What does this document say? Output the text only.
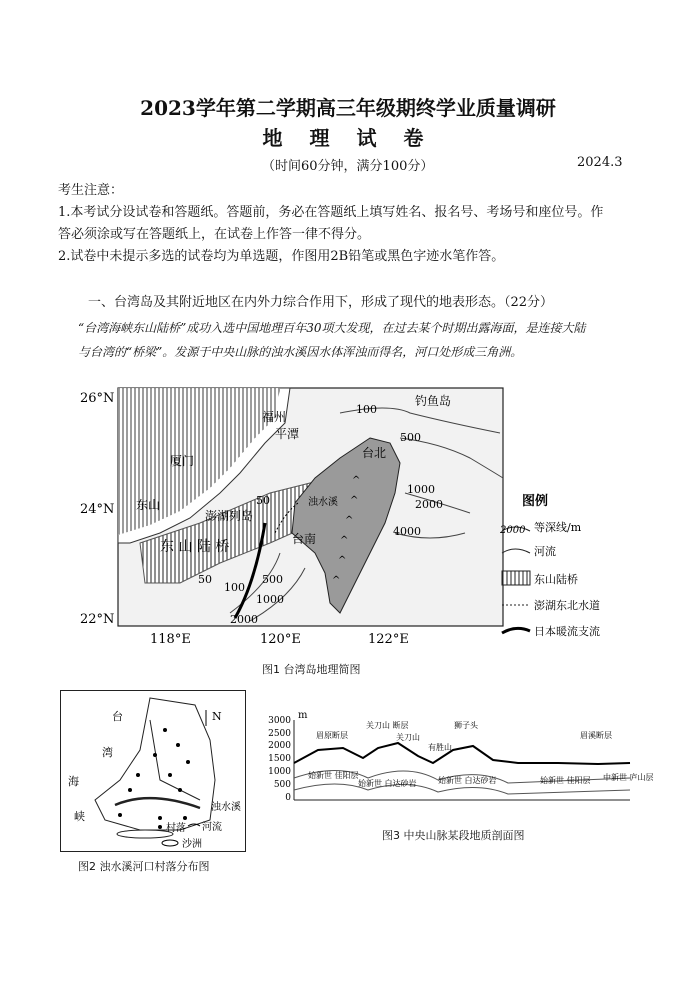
2023学年第二学期高三年级期终学业质量调研
地 理 试 卷
（时间60分钟，满分100分）	2024.3
考生注意：
1.本考试分设试卷和答题纸。答题前，务必在答题纸上填写姓名、报名号、考场号和座位号。作
答必须涂或写在答题纸上，在试卷上作答一律不得分。
2.试卷中未提示多选的试卷均为单选题，作图用2B铅笔或黑色字迹水笔作答。
一、台湾岛及其附近地区在内外力综合作用下，形成了现代的地表形态。（22分）
“台湾海峡东山陆桥”成功入选中国地理百年30项大发现，在过去某个时期出露海面，是连接大陆
与台湾的“桥梁”。发源于中央山脉的浊水溪因水体浑浊而得名，河口处形成三角洲。
^
^
^
^
^
^
26°N
24°N
22°N
118°E	120°E	122°E
福州
平潭
厦门
东山
澎湖列岛
台北
台南
钓鱼岛
东 山 陆 桥
浊水溪
100
500
1000
2000
4000
50
50
100
500
2000
1000
图例
2000 等深线/m
河流
东山陆桥
澎湖东北水道
日本暖流支流
图1 台湾岛地理简图
台
湾
海
峡
N
浊水溪
村落 河流
沙洲
图2 浊水溪河口村落分布图
3000
2500
2000
1500
1000
500
0
m
眉原断层
关刀山 断层
关刀山
狮子头
有胜山
眉溪断层
始新世 佳阳层
始新世 白达砂岩	始新世 白达砂岩	始新世 佳阳层 中新世 庐山层
图3 中央山脉某段地质剖面图
